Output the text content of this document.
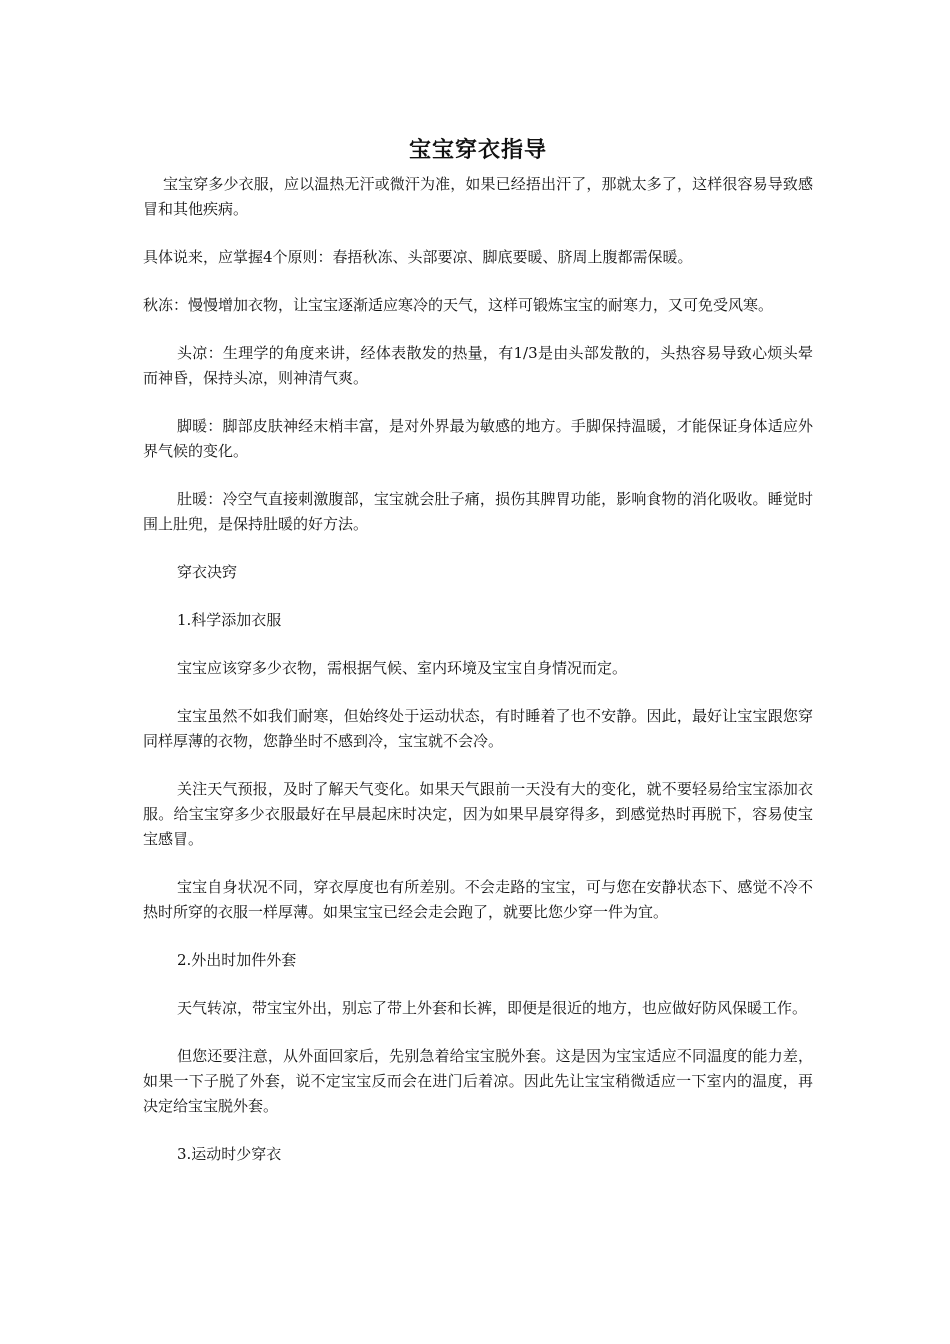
宝宝穿衣指导

宝宝穿多少衣服，应以温热无汗或微汗为准，如果已经捂出汗了，那就太多了，这样很容易导致感冒和其他疾病。

具体说来，应掌握4个原则：春捂秋冻、头部要凉、脚底要暖、脐周上腹都需保暖。

秋冻：慢慢增加衣物，让宝宝逐渐适应寒冷的天气，这样可锻炼宝宝的耐寒力，又可免受风寒。

头凉：生理学的角度来讲，经体表散发的热量，有1/3是由头部发散的，头热容易导致心烦头晕而神昏，保持头凉，则神清气爽。

脚暖：脚部皮肤神经末梢丰富，是对外界最为敏感的地方。手脚保持温暖，才能保证身体适应外界气候的变化。

肚暖：冷空气直接刺激腹部，宝宝就会肚子痛，损伤其脾胃功能，影响食物的消化吸收。睡觉时围上肚兜，是保持肚暖的好方法。

穿衣决窍

1.科学添加衣服

宝宝应该穿多少衣物，需根据气候、室内环境及宝宝自身情况而定。

宝宝虽然不如我们耐寒，但始终处于运动状态，有时睡着了也不安静。因此，最好让宝宝跟您穿同样厚薄的衣物，您静坐时不感到冷，宝宝就不会冷。

关注天气预报，及时了解天气变化。如果天气跟前一天没有大的变化，就不要轻易给宝宝添加衣服。给宝宝穿多少衣服最好在早晨起床时决定，因为如果早晨穿得多，到感觉热时再脱下，容易使宝宝感冒。

宝宝自身状况不同，穿衣厚度也有所差别。不会走路的宝宝，可与您在安静状态下、感觉不冷不热时所穿的衣服一样厚薄。如果宝宝已经会走会跑了，就要比您少穿一件为宜。

2.外出时加件外套

天气转凉，带宝宝外出，别忘了带上外套和长裤，即便是很近的地方，也应做好防风保暖工作。

但您还要注意，从外面回家后，先别急着给宝宝脱外套。这是因为宝宝适应不同温度的能力差，如果一下子脱了外套，说不定宝宝反而会在进门后着凉。因此先让宝宝稍微适应一下室内的温度，再决定给宝宝脱外套。

3.运动时少穿衣
